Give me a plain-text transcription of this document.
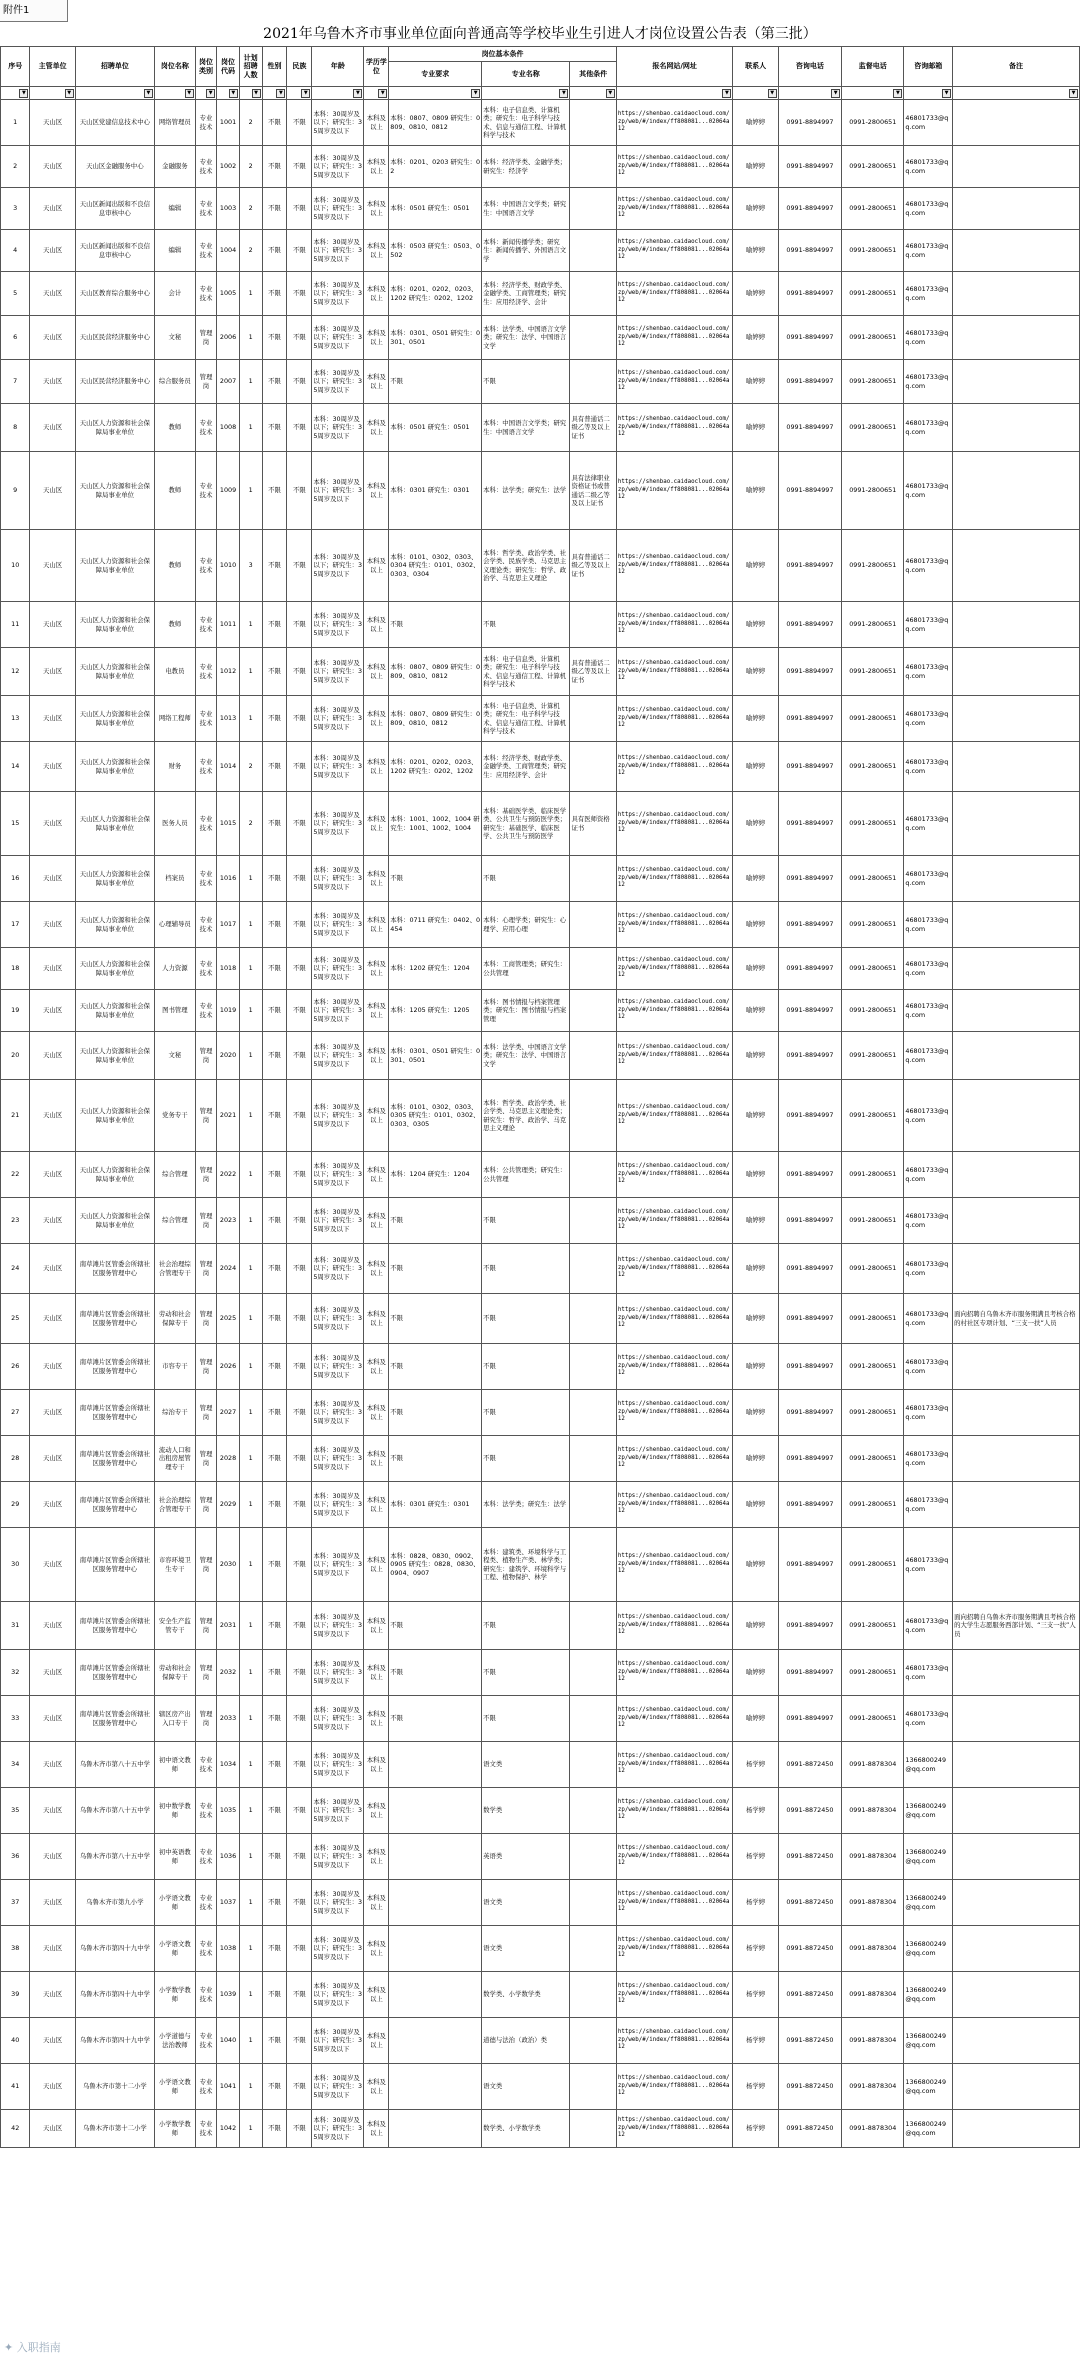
附件1
2021年乌鲁木齐市事业单位面向普通高等学校毕业生引进人才岗位设置公告表（第三批）
序号	主管单位	招聘单位	岗位名称	岗位类别	岗位代码	计划招聘人数	性别	民族	年龄	学历学位	岗位基本条件			报名网站/网址	联系人	咨询电话	监督电话	咨询邮箱	备注
											专业要求	专业名称	其他条件						

▼	▼	▼	▼	▼	▼	▼	▼	▼	▼	▼	▼	▼	▼	▼	▼	▼	▼	▼	▼

1	天山区	天山区党建信息技术中心	网络管理员	专业技术	1001	2	不限	不限	本科：30周岁及以下；研究生：35周岁及以下	本科及以上	本科：0807、0809 研究生：0809、0810、0812	本科：电子信息类、计算机类；研究生：电子科学与技术、信息与通信工程、计算机科学与技术		https://shenbao.caidaocloud.com/zp/web/#/index/ff808081...02064a12	喻婷婷	0991-8894997	0991-2800651	46801733@qq.com	
2	天山区	天山区金融服务中心	金融服务	专业技术	1002	2	不限	不限	本科：30周岁及以下；研究生：35周岁及以下	本科及以上	本科：0201、0203 研究生：02	本科：经济学类、金融学类；研究生：经济学		https://shenbao.caidaocloud.com/zp/web/#/index/ff808081...02064a12	喻婷婷	0991-8894997	0991-2800651	46801733@qq.com	
3	天山区	天山区新闻出版和不良信息审核中心	编辑	专业技术	1003	2	不限	不限	本科：30周岁及以下；研究生：35周岁及以下	本科及以上	本科：0501 研究生：0501	本科：中国语言文学类；研究生：中国语言文学		https://shenbao.caidaocloud.com/zp/web/#/index/ff808081...02064a12	喻婷婷	0991-8894997	0991-2800651	46801733@qq.com	
4	天山区	天山区新闻出版和不良信息审核中心	编辑	专业技术	1004	2	不限	不限	本科：30周岁及以下；研究生：35周岁及以下	本科及以上	本科：0503 研究生：0503、0502	本科：新闻传播学类；研究生：新闻传播学、外国语言文学		https://shenbao.caidaocloud.com/zp/web/#/index/ff808081...02064a12	喻婷婷	0991-8894997	0991-2800651	46801733@qq.com	
5	天山区	天山区教育综合服务中心	会计	专业技术	1005	1	不限	不限	本科：30周岁及以下；研究生：35周岁及以下	本科及以上	本科：0201、0202、0203、1202 研究生：0202、1202	本科：经济学类、财政学类、金融学类、工商管理类；研究生：应用经济学、会计		https://shenbao.caidaocloud.com/zp/web/#/index/ff808081...02064a12	喻婷婷	0991-8894997	0991-2800651	46801733@qq.com	
6	天山区	天山区民营经济服务中心	文秘	管理岗	2006	1	不限	不限	本科：30周岁及以下；研究生：35周岁及以下	本科及以上	本科：0301、0501 研究生：0301、0501	本科：法学类、中国语言文学类；研究生：法学、中国语言文学		https://shenbao.caidaocloud.com/zp/web/#/index/ff808081...02064a12	喻婷婷	0991-8894997	0991-2800651	46801733@qq.com	
7	天山区	天山区民营经济服务中心	综合服务员	管理岗	2007	1	不限	不限	本科：30周岁及以下；研究生：35周岁及以下	本科及以上	不限	不限		https://shenbao.caidaocloud.com/zp/web/#/index/ff808081...02064a12	喻婷婷	0991-8894997	0991-2800651	46801733@qq.com	
8	天山区	天山区人力资源和社会保障局事业单位	教师	专业技术	1008	1	不限	不限	本科：30周岁及以下；研究生：35周岁及以下	本科及以上	本科：0501 研究生：0501	本科：中国语言文学类；研究生：中国语言文学	具有普通话二级乙等及以上证书	https://shenbao.caidaocloud.com/zp/web/#/index/ff808081...02064a12	喻婷婷	0991-8894997	0991-2800651	46801733@qq.com	
9	天山区	天山区人力资源和社会保障局事业单位	教师	专业技术	1009	1	不限	不限	本科：30周岁及以下；研究生：35周岁及以下	本科及以上	本科：0301 研究生：0301	本科：法学类；研究生：法学	具有法律职业资格证书或普通话二级乙等及以上证书	https://shenbao.caidaocloud.com/zp/web/#/index/ff808081...02064a12	喻婷婷	0991-8894997	0991-2800651	46801733@qq.com	
10	天山区	天山区人力资源和社会保障局事业单位	教师	专业技术	1010	3	不限	不限	本科：30周岁及以下；研究生：35周岁及以下	本科及以上	本科：0101、0302、0303、0304 研究生：0101、0302、0303、0304	本科：哲学类、政治学类、社会学类、民族学类、马克思主义理论类；研究生：哲学、政治学、马克思主义理论	具有普通话二级乙等及以上证书	https://shenbao.caidaocloud.com/zp/web/#/index/ff808081...02064a12	喻婷婷	0991-8894997	0991-2800651	46801733@qq.com	
11	天山区	天山区人力资源和社会保障局事业单位	教师	专业技术	1011	1	不限	不限	本科：30周岁及以下；研究生：35周岁及以下	本科及以上	不限	不限		https://shenbao.caidaocloud.com/zp/web/#/index/ff808081...02064a12	喻婷婷	0991-8894997	0991-2800651	46801733@qq.com	
12	天山区	天山区人力资源和社会保障局事业单位	电教员	专业技术	1012	1	不限	不限	本科：30周岁及以下；研究生：35周岁及以下	本科及以上	本科：0807、0809 研究生：0809、0810、0812	本科：电子信息类、计算机类；研究生：电子科学与技术、信息与通信工程、计算机科学与技术	具有普通话二级乙等及以上证书	https://shenbao.caidaocloud.com/zp/web/#/index/ff808081...02064a12	喻婷婷	0991-8894997	0991-2800651	46801733@qq.com	
13	天山区	天山区人力资源和社会保障局事业单位	网络工程师	专业技术	1013	1	不限	不限	本科：30周岁及以下；研究生：35周岁及以下	本科及以上	本科：0807、0809 研究生：0809、0810、0812	本科：电子信息类、计算机类；研究生：电子科学与技术、信息与通信工程、计算机科学与技术		https://shenbao.caidaocloud.com/zp/web/#/index/ff808081...02064a12	喻婷婷	0991-8894997	0991-2800651	46801733@qq.com	
14	天山区	天山区人力资源和社会保障局事业单位	财务	专业技术	1014	2	不限	不限	本科：30周岁及以下；研究生：35周岁及以下	本科及以上	本科：0201、0202、0203、1202 研究生：0202、1202	本科：经济学类、财政学类、金融学类、工商管理类；研究生：应用经济学、会计		https://shenbao.caidaocloud.com/zp/web/#/index/ff808081...02064a12	喻婷婷	0991-8894997	0991-2800651	46801733@qq.com	
15	天山区	天山区人力资源和社会保障局事业单位	医务人员	专业技术	1015	2	不限	不限	本科：30周岁及以下；研究生：35周岁及以下	本科及以上	本科：1001、1002、1004 研究生：1001、1002、1004	本科：基础医学类、临床医学类、公共卫生与预防医学类；研究生：基础医学、临床医学、公共卫生与预防医学	具有医师资格证书	https://shenbao.caidaocloud.com/zp/web/#/index/ff808081...02064a12	喻婷婷	0991-8894997	0991-2800651	46801733@qq.com	
16	天山区	天山区人力资源和社会保障局事业单位	档案员	专业技术	1016	1	不限	不限	本科：30周岁及以下；研究生：35周岁及以下	本科及以上	不限	不限		https://shenbao.caidaocloud.com/zp/web/#/index/ff808081...02064a12	喻婷婷	0991-8894997	0991-2800651	46801733@qq.com	
17	天山区	天山区人力资源和社会保障局事业单位	心理辅导员	专业技术	1017	1	不限	不限	本科：30周岁及以下；研究生：35周岁及以下	本科及以上	本科：0711 研究生：0402、0454	本科：心理学类；研究生：心理学、应用心理		https://shenbao.caidaocloud.com/zp/web/#/index/ff808081...02064a12	喻婷婷	0991-8894997	0991-2800651	46801733@qq.com	
18	天山区	天山区人力资源和社会保障局事业单位	人力资源	专业技术	1018	1	不限	不限	本科：30周岁及以下；研究生：35周岁及以下	本科及以上	本科：1202 研究生：1204	本科：工商管理类；研究生：公共管理		https://shenbao.caidaocloud.com/zp/web/#/index/ff808081...02064a12	喻婷婷	0991-8894997	0991-2800651	46801733@qq.com	
19	天山区	天山区人力资源和社会保障局事业单位	图书管理	专业技术	1019	1	不限	不限	本科：30周岁及以下；研究生：35周岁及以下	本科及以上	本科：1205 研究生：1205	本科：图书情报与档案管理类；研究生：图书情报与档案管理		https://shenbao.caidaocloud.com/zp/web/#/index/ff808081...02064a12	喻婷婷	0991-8894997	0991-2800651	46801733@qq.com	
20	天山区	天山区人力资源和社会保障局事业单位	文秘	管理岗	2020	1	不限	不限	本科：30周岁及以下；研究生：35周岁及以下	本科及以上	本科：0301、0501 研究生：0301、0501	本科：法学类、中国语言文学类；研究生：法学、中国语言文学		https://shenbao.caidaocloud.com/zp/web/#/index/ff808081...02064a12	喻婷婷	0991-8894997	0991-2800651	46801733@qq.com	
21	天山区	天山区人力资源和社会保障局事业单位	党务专干	管理岗	2021	1	不限	不限	本科：30周岁及以下；研究生：35周岁及以下	本科及以上	本科：0101、0302、0303、0305 研究生：0101、0302、0303、0305	本科：哲学类、政治学类、社会学类、马克思主义理论类；研究生：哲学、政治学、马克思主义理论		https://shenbao.caidaocloud.com/zp/web/#/index/ff808081...02064a12	喻婷婷	0991-8894997	0991-2800651	46801733@qq.com	
22	天山区	天山区人力资源和社会保障局事业单位	综合管理	管理岗	2022	1	不限	不限	本科：30周岁及以下；研究生：35周岁及以下	本科及以上	本科：1204 研究生：1204	本科：公共管理类；研究生：公共管理		https://shenbao.caidaocloud.com/zp/web/#/index/ff808081...02064a12	喻婷婷	0991-8894997	0991-2800651	46801733@qq.com	
23	天山区	天山区人力资源和社会保障局事业单位	综合管理	管理岗	2023	1	不限	不限	本科：30周岁及以下；研究生：35周岁及以下	本科及以上	不限	不限		https://shenbao.caidaocloud.com/zp/web/#/index/ff808081...02064a12	喻婷婷	0991-8894997	0991-2800651	46801733@qq.com	
24	天山区	南草滩片区管委会所辖社区服务管理中心	社会治理综合管理专干	管理岗	2024	1	不限	不限	本科：30周岁及以下；研究生：35周岁及以下	本科及以上	不限	不限		https://shenbao.caidaocloud.com/zp/web/#/index/ff808081...02064a12	喻婷婷	0991-8894997	0991-2800651	46801733@qq.com	
25	天山区	南草滩片区管委会所辖社区服务管理中心	劳动和社会保障专干	管理岗	2025	1	不限	不限	本科：30周岁及以下；研究生：35周岁及以下	本科及以上	不限	不限		https://shenbao.caidaocloud.com/zp/web/#/index/ff808081...02064a12	喻婷婷	0991-8894997	0991-2800651	46801733@qq.com	面向招聘自乌鲁木齐市服务期满且考核合格的村社区专项计划、“三支一扶”人员
26	天山区	南草滩片区管委会所辖社区服务管理中心	市容专干	管理岗	2026	1	不限	不限	本科：30周岁及以下；研究生：35周岁及以下	本科及以上	不限	不限		https://shenbao.caidaocloud.com/zp/web/#/index/ff808081...02064a12	喻婷婷	0991-8894997	0991-2800651	46801733@qq.com	
27	天山区	南草滩片区管委会所辖社区服务管理中心	综治专干	管理岗	2027	1	不限	不限	本科：30周岁及以下；研究生：35周岁及以下	本科及以上	不限	不限		https://shenbao.caidaocloud.com/zp/web/#/index/ff808081...02064a12	喻婷婷	0991-8894997	0991-2800651	46801733@qq.com	
28	天山区	南草滩片区管委会所辖社区服务管理中心	流动人口和出租房屋管理专干	管理岗	2028	1	不限	不限	本科：30周岁及以下；研究生：35周岁及以下	本科及以上	不限	不限		https://shenbao.caidaocloud.com/zp/web/#/index/ff808081...02064a12	喻婷婷	0991-8894997	0991-2800651	46801733@qq.com	
29	天山区	南草滩片区管委会所辖社区服务管理中心	社会治理综合管理专干	管理岗	2029	1	不限	不限	本科：30周岁及以下；研究生：35周岁及以下	本科及以上	本科：0301 研究生：0301	本科：法学类；研究生：法学		https://shenbao.caidaocloud.com/zp/web/#/index/ff808081...02064a12	喻婷婷	0991-8894997	0991-2800651	46801733@qq.com	
30	天山区	南草滩片区管委会所辖社区服务管理中心	市容环境卫生专干	管理岗	2030	1	不限	不限	本科：30周岁及以下；研究生：35周岁及以下	本科及以上	本科：0828、0830、0902、0905 研究生：0828、0830、0904、0907	本科：建筑类、环境科学与工程类、植物生产类、林学类；研究生：建筑学、环境科学与工程、植物保护、林学		https://shenbao.caidaocloud.com/zp/web/#/index/ff808081...02064a12	喻婷婷	0991-8894997	0991-2800651	46801733@qq.com	
31	天山区	南草滩片区管委会所辖社区服务管理中心	安全生产监管专干	管理岗	2031	1	不限	不限	本科：30周岁及以下；研究生：35周岁及以下	本科及以上	不限	不限		https://shenbao.caidaocloud.com/zp/web/#/index/ff808081...02064a12	喻婷婷	0991-8894997	0991-2800651	46801733@qq.com	面向招聘自乌鲁木齐市服务期满且考核合格的大学生志愿服务西部计划、“三支一扶”人员
32	天山区	南草滩片区管委会所辖社区服务管理中心	劳动和社会保障专干	管理岗	2032	1	不限	不限	本科：30周岁及以下；研究生：35周岁及以下	本科及以上	不限	不限		https://shenbao.caidaocloud.com/zp/web/#/index/ff808081...02064a12	喻婷婷	0991-8894997	0991-2800651	46801733@qq.com	
33	天山区	南草滩片区管委会所辖社区服务管理中心	辖区房产出入口专干	管理岗	2033	1	不限	不限	本科：30周岁及以下；研究生：35周岁及以下	本科及以上	不限	不限		https://shenbao.caidaocloud.com/zp/web/#/index/ff808081...02064a12	喻婷婷	0991-8894997	0991-2800651	46801733@qq.com	
34	天山区	乌鲁木齐市第八十五中学	初中语文教师	专业技术	1034	1	不限	不限	本科：30周岁及以下；研究生：35周岁及以下	本科及以上		语文类		https://shenbao.caidaocloud.com/zp/web/#/index/ff808081...02064a12	杨学婷	0991-8872450	0991-8878304	1366800249@qq.com	
35	天山区	乌鲁木齐市第八十五中学	初中数学教师	专业技术	1035	1	不限	不限	本科：30周岁及以下；研究生：35周岁及以下	本科及以上		数学类		https://shenbao.caidaocloud.com/zp/web/#/index/ff808081...02064a12	杨学婷	0991-8872450	0991-8878304	1366800249@qq.com	
36	天山区	乌鲁木齐市第八十五中学	初中英语教师	专业技术	1036	1	不限	不限	本科：30周岁及以下；研究生：35周岁及以下	本科及以上		英语类		https://shenbao.caidaocloud.com/zp/web/#/index/ff808081...02064a12	杨学婷	0991-8872450	0991-8878304	1366800249@qq.com	
37	天山区	乌鲁木齐市第九小学	小学语文教师	专业技术	1037	1	不限	不限	本科：30周岁及以下；研究生：35周岁及以下	本科及以上		语文类		https://shenbao.caidaocloud.com/zp/web/#/index/ff808081...02064a12	杨学婷	0991-8872450	0991-8878304	1366800249@qq.com	
38	天山区	乌鲁木齐市第四十九中学	小学语文教师	专业技术	1038	1	不限	不限	本科：30周岁及以下；研究生：35周岁及以下	本科及以上		语文类		https://shenbao.caidaocloud.com/zp/web/#/index/ff808081...02064a12	杨学婷	0991-8872450	0991-8878304	1366800249@qq.com	
39	天山区	乌鲁木齐市第四十九中学	小学数学教师	专业技术	1039	1	不限	不限	本科：30周岁及以下；研究生：35周岁及以下	本科及以上		数学类、小学数学类		https://shenbao.caidaocloud.com/zp/web/#/index/ff808081...02064a12	杨学婷	0991-8872450	0991-8878304	1366800249@qq.com	
40	天山区	乌鲁木齐市第四十九中学	小学道德与法治教师	专业技术	1040	1	不限	不限	本科：30周岁及以下；研究生：35周岁及以下	本科及以上		道德与法治（政治）类		https://shenbao.caidaocloud.com/zp/web/#/index/ff808081...02064a12	杨学婷	0991-8872450	0991-8878304	1366800249@qq.com	
41	天山区	乌鲁木齐市第十二小学	小学语文教师	专业技术	1041	1	不限	不限	本科：30周岁及以下；研究生：35周岁及以下	本科及以上		语文类		https://shenbao.caidaocloud.com/zp/web/#/index/ff808081...02064a12	杨学婷	0991-8872450	0991-8878304	1366800249@qq.com	
42	天山区	乌鲁木齐市第十二小学	小学数学教师	专业技术	1042	1	不限	不限	本科：30周岁及以下；研究生：35周岁及以下	本科及以上		数学类、小学数学类		https://shenbao.caidaocloud.com/zp/web/#/index/ff808081...02064a12	杨学婷	0991-8872450	0991-8878304	1366800249@qq.com	
✦ 入职指南
